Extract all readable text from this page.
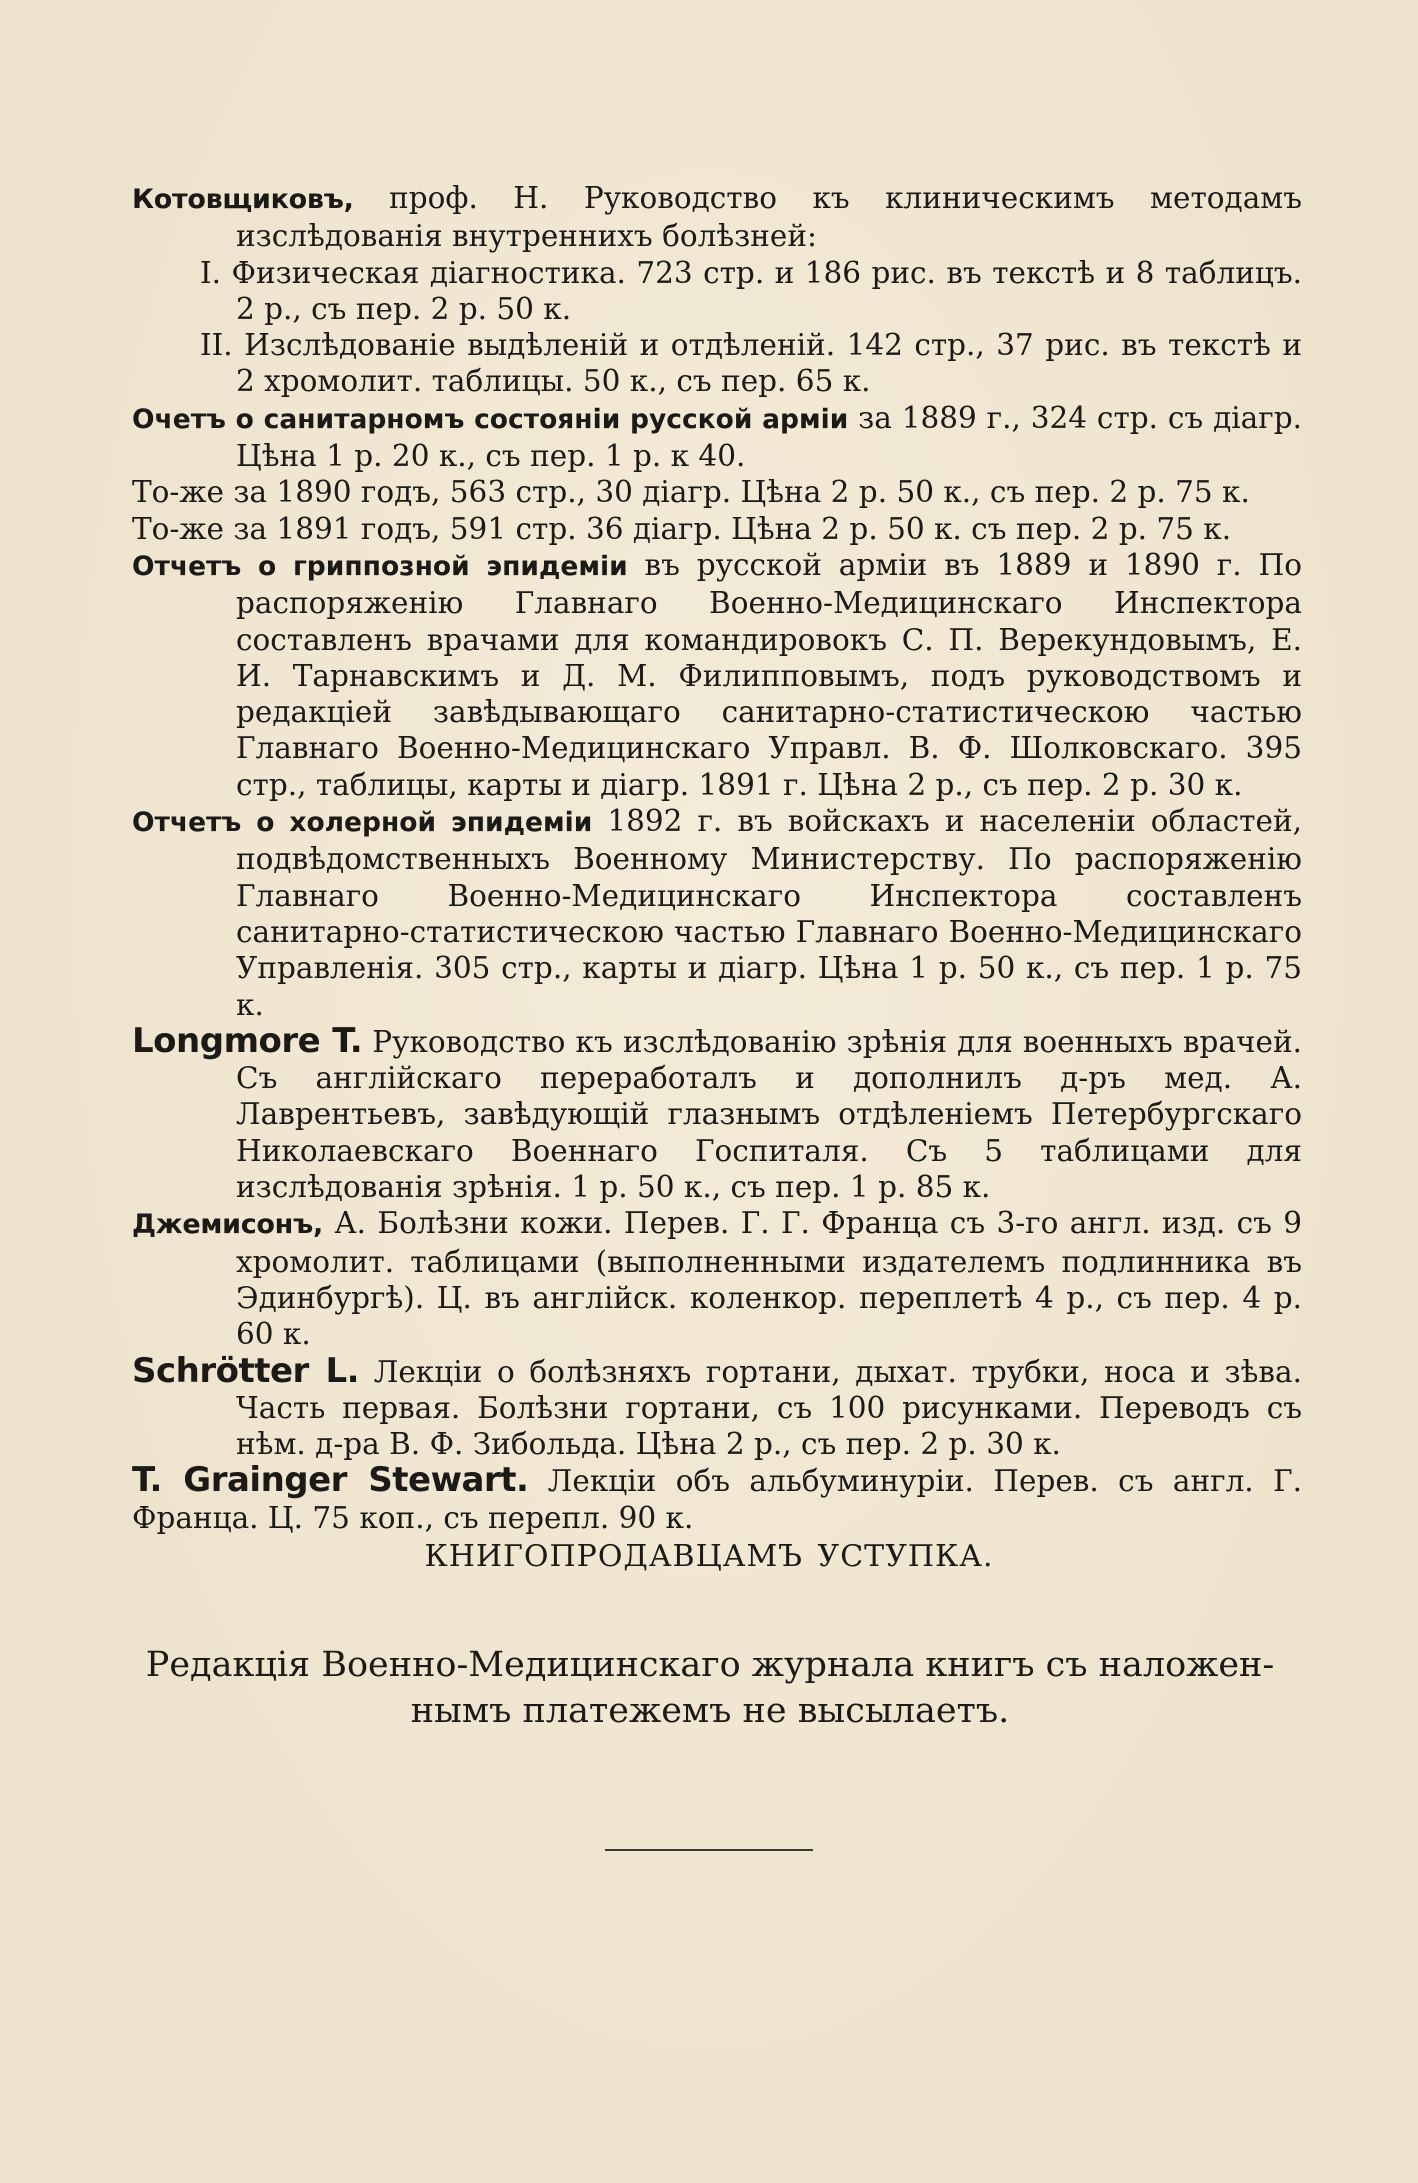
Котовщиковъ, проф. Н. Руководство къ клиническимъ методамъ изслѣдованія внутреннихъ болѣзней:

I. Физическая діагностика. 723 стр. и 186 рис. въ текстѣ и 8 таблицъ. 2 р., съ пер. 2 р. 50 к.

II. Изслѣдованіе выдѣленій и отдѣленій. 142 стр., 37 рис. въ текстѣ и 2 хромолит. таблицы. 50 к., съ пер. 65 к.

Очетъ о санитарномъ состояніи русской арміи за 1889 г., 324 стр. съ діагр. Цѣна 1 р. 20 к., съ пер. 1 р. к 40.

То-же за 1890 годъ, 563 стр., 30 діагр. Цѣна 2 р. 50 к., съ пер. 2 р. 75 к.

То-же за 1891 годъ, 591 стр. 36 діагр. Цѣна 2 р. 50 к. съ пер. 2 р. 75 к.

Отчетъ о гриппозной эпидеміи въ русской арміи въ 1889 и 1890 г. По распоряженію Главнаго Военно-Медицинскаго Инспектора составленъ врачами для командировокъ С. П. Верекундовымъ, Е. И. Тарнавскимъ и Д. М. Филипповымъ, подъ руководствомъ и редакціей завѣдывающаго санитарно-статистическою частью Главнаго Военно-Медицинскаго Управл. В. Ф. Шолковскаго. 395 стр., таблицы, карты и діагр. 1891 г. Цѣна 2 р., съ пер. 2 р. 30 к.

Отчетъ о холерной эпидеміи 1892 г. въ войскахъ и населеніи областей, подвѣдомственныхъ Военному Министерству. По распоряженію Главнаго Военно-Медицинскаго Инспектора составленъ санитарно-статистическою частью Главнаго Военно-Медицинскаго Управленія. 305 стр., карты и діагр. Цѣна 1 р. 50 к., съ пер. 1 р. 75 к.

Longmore T. Руководство къ изслѣдованію зрѣнія для военныхъ врачей. Съ англійскаго переработалъ и дополнилъ д-ръ мед. А. Лаврентьевъ, завѣдующій глазнымъ отдѣленіемъ Петербургскаго Николаевскаго Военнаго Госпиталя. Съ 5 таблицами для изслѣдованія зрѣнія. 1 р. 50 к., съ пер. 1 р. 85 к.

Джемисонъ, А. Болѣзни кожи. Перев. Г. Г. Франца съ 3-го англ. изд. съ 9 хромолит. таблицами (выполненными издателемъ подлинника въ Эдинбургѣ). Ц. въ англійск. коленкор. переплетѣ 4 р., съ пер. 4 р. 60 к.

Schrötter L. Лекціи о болѣзняхъ гортани, дыхат. трубки, носа и зѣва. Часть первая. Болѣзни гортани, съ 100 рисунками. Переводъ съ нѣм. д-ра В. Ф. Зибольда. Цѣна 2 р., съ пер. 2 р. 30 к.

T. Grainger Stewart. Лекціи объ альбуминуріи. Перев. съ англ. Г. Франца. Ц. 75 коп., съ перепл. 90 к.

КНИГОПРОДАВЦАМЪ УСТУПКА.
Редакція Военно-Медицинскаго журнала книгъ съ наложен-
нымъ платежемъ не высылаетъ.
